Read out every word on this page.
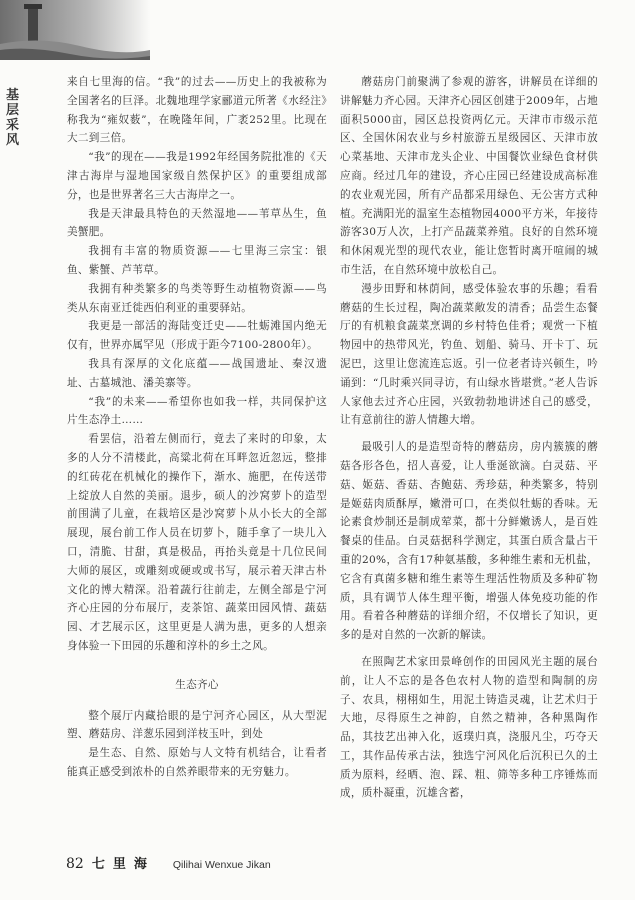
基层采风

来自七里海的信。“我”的过去——历史上的我被称为全国著名的巨泽。北魏地理学家郦道元所著《水经注》称我为“雍奴薮”，在晚隆年间，广袤252里。比现在大二到三倍。

“我”的现在——我是1992年经国务院批准的《天津古海岸与湿地国家级自然保护区》的重要组成部分，也是世界著名三大古海岸之一。

我是天津最具特色的天然湿地——苇草丛生，鱼美蟹肥。

我拥有丰富的物质资源——七里海三宗宝：银鱼、紫蟹、芦苇草。

我拥有种类繁多的鸟类等野生动植物资源——鸟类从东南亚迁徙西伯利亚的重要驿站。

我更是一部活的海陆变迁史——牡蛎滩国内绝无仅有，世界亦属罕见（形成于距今7100-2800年）。

我具有深厚的文化底蕴——战国遗址、秦汉遗址、古墓城池、潘美寨等。

“我”的未来——希望你也如我一样，共同保护这片生态净土……

看罢信，沿着左侧而行，竟去了来时的印象，太多的人分不清楼此，高粱北荷在耳畔忽近忽远，整排的红砖花在机械化的操作下，渐水、施肥，在传送带上绽放人自然的美丽。退步，硕人的沙窝萝卜的造型前围满了儿童，在栽培区是沙窝萝卜从小长大的全部展现，展台前工作人员在切萝卜，随手拿了一块儿入口，清脆、甘甜，真是极品，再抬头竟是十几位民间大师的展区，或雕刻或硬或或书写，展示着天津古朴文化的博大精深。沿着蔬行往前走，左侧全部是宁河齐心庄园的分布展厅，麦茶馆、蔬菜田园风情、蔬菇园、才艺展示区，这里更是人满为患，更多的人想亲身体验一下田园的乐趣和淳朴的乡土之风。

生态齐心

整个展厅内藏拾眼的是宁河齐心园区，从大型泥塑、蘑菇房、洋葱乐园到洋枝玉叶，到处

是生态、自然、原始与人文特有机结合，让看者能真正感受到浓朴的自然养眼带来的无穷魅力。

蘑菇房门前聚满了参观的游客，讲解员在详细的讲解魅力齐心园。天津齐心园区创建于2009年，占地面积5000亩，园区总投资两亿元。天津市市级示范区、全国休闲农业与乡村旅游五星级园区、天津市放心菜基地、天津市龙头企业、中国餐饮业绿色食材供应商。经过几年的建设，齐心庄园已经建设成高标准的农业观光园，所有产品都采用绿色、无公害方式种植。充满阳光的温室生态植物园4000平方米，年接待游客30万人次，上打产品蔬菜养殖。良好的自然环境和休闲观光型的现代农业，能让您暂时离开喧闹的城市生活，在自然环境中放松自己。

漫步田野和林荫间，感受体验农事的乐趣；看看蘑菇的生长过程，陶冶蔬菜敞发的清香；品尝生态餐厅的有机粮食蔬菜烹调的乡村特色佳肴；观赏一下植物园中的热带风光，钓鱼、划船、骑马、开卡丁、玩泥巴，这里让您流连忘返。引一位老者诗兴顿生，吟诵到：“几时乘兴同寻访，有山绿水皆堪赏。”老人告诉人家他去过齐心庄园，兴致勃勃地讲述自己的感受，让有意前往的游人情趣大增。

最吸引人的是造型奇特的蘑菇房，房内簇簇的蘑菇各形各色，招人喜爱，让人垂涎欲滴。白灵菇、平菇、姬菇、香菇、杏鲍菇、秀珍菇，种类繁多，特别是姬菇肉质酥厚，嫩滑可口，在类似牡蛎的香味。无论素食炒制还是制成荤菜，都十分鲜嫩诱人，是百姓餐桌的佳品。白灵菇据科学测定，其蛋白质含量占干重的20%，含有17种氨基酸，多种维生素和无机盐，它含有真菌多糖和维生素等生理活性物质及多种矿物质，具有调节人体生理平衡，增强人体免疫功能的作用。看着各种蘑菇的详细介绍，不仅增长了知识，更多的是对自然的一次新的解读。

在照陶艺术家田景峰创作的田园风光主题的展台前，让人不忘的是各色农村人物的造型和陶制的房子、农具，栩栩如生，用泥土铸造灵魂，让艺术归于大地，尽得原生之神韵，自然之精神，各种黑陶作品，其技艺出神入化，返璞归真，浇服凡尘，巧夺天工，其作品传承古法，独选宁河风化后沉积已久的土质为原料，经晒、泡、踩、粗、筛等多种工序锤炼而成，质朴凝重，沉雄含蓄，

82 七里海 Qilihai Wenxue Jikan
